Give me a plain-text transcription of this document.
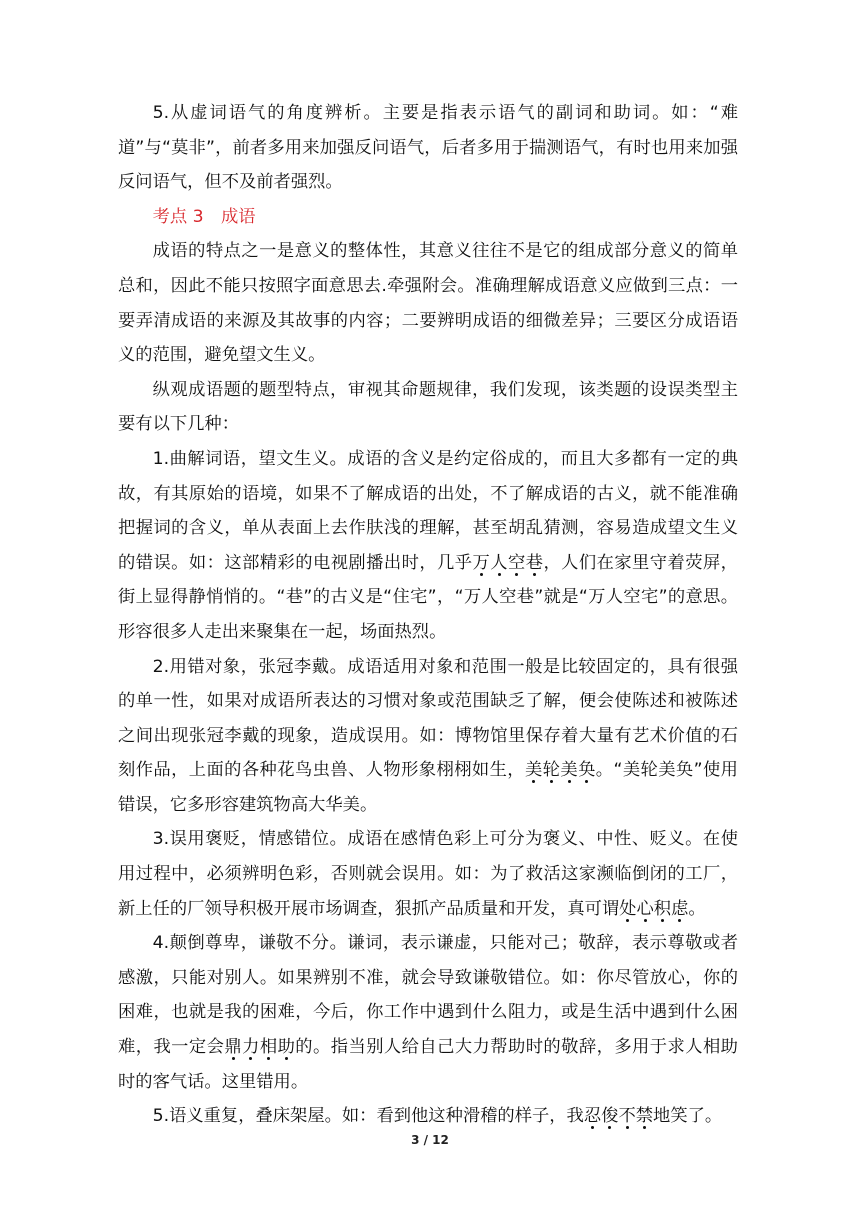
5.从虚词语气的角度辨析。主要是指表示语气的副词和助词。如：“难道”与“莫非”，前者多用来加强反问语气，后者多用于揣测语气，有时也用来加强反问语气，但不及前者强烈。

考点 3 成语

成语的特点之一是意义的整体性，其意义往往不是它的组成部分意义的简单总和，因此不能只按照字面意思去.牵强附会。准确理解成语意义应做到三点：一要弄清成语的来源及其故事的内容；二要辨明成语的细微差异；三要区分成语语义的范围，避免望文生义。

纵观成语题的题型特点，审视其命题规律，我们发现，该类题的设误类型主要有以下几种：

1.曲解词语，望文生义。成语的含义是约定俗成的，而且大多都有一定的典故，有其原始的语境，如果不了解成语的出处，不了解成语的古义，就不能准确把握词的含义，单从表面上去作肤浅的理解，甚至胡乱猜测，容易造成望文生义的错误。如：这部精彩的电视剧播出时，几乎万人空巷，人们在家里守着荧屏，街上显得静悄悄的。“巷”的古义是“住宅”，“万人空巷”就是“万人空宅”的意思。形容很多人走出来聚集在一起，场面热烈。

2.用错对象，张冠李戴。成语适用对象和范围一般是比较固定的，具有很强的单一性，如果对成语所表达的习惯对象或范围缺乏了解，便会使陈述和被陈述之间出现张冠李戴的现象，造成误用。如：博物馆里保存着大量有艺术价值的石刻作品，上面的各种花鸟虫兽、人物形象栩栩如生，美轮美奂。“美轮美奂”使用错误，它多形容建筑物高大华美。

3.误用褒贬，情感错位。成语在感情色彩上可分为褒义、中性、贬义。在使用过程中，必须辨明色彩，否则就会误用。如：为了救活这家濒临倒闭的工厂，新上任的厂领导积极开展市场调查，狠抓产品质量和开发，真可谓处心积虑。

4.颠倒尊卑，谦敬不分。谦词，表示谦虚，只能对己；敬辞，表示尊敬或者感激，只能对别人。如果辨别不准，就会导致谦敬错位。如：你尽管放心，你的困难，也就是我的困难，今后，你工作中遇到什么阻力，或是生活中遇到什么困难，我一定会鼎力相助的。指当别人给自己大力帮助时的敬辞，多用于求人相助时的客气话。这里错用。

5.语义重复，叠床架屋。如：看到他这种滑稽的样子，我忍俊不禁地笑了。

3 / 12
